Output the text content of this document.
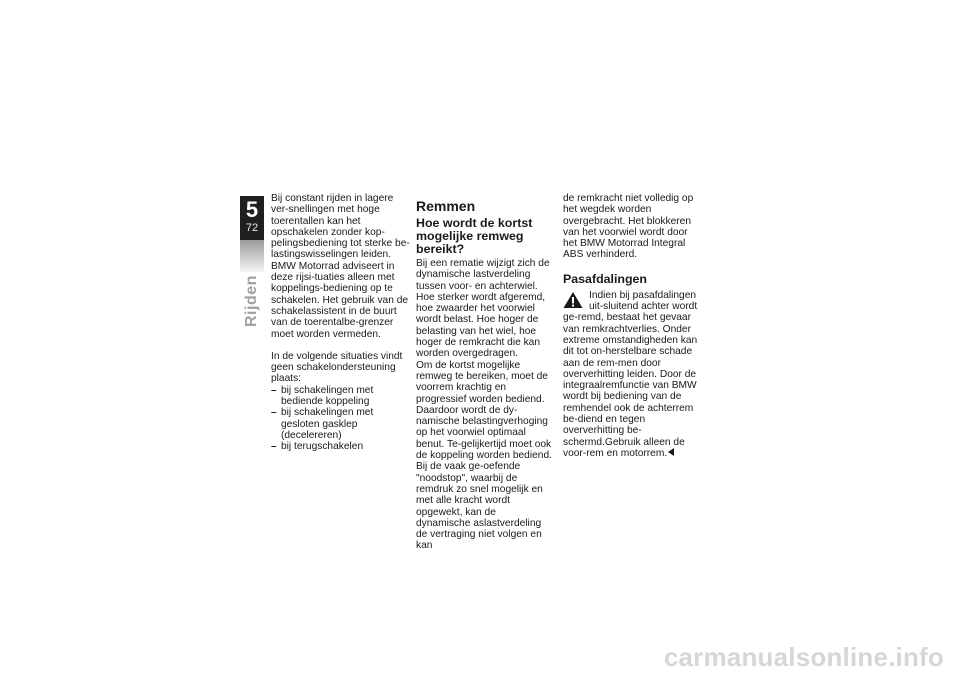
5
72
Rijden

Bij constant rijden in lagere ver-snellingen met hoge toerentallen kan het opschakelen zonder kop-pelingsbediening tot sterke be-lastingswisselingen leiden. BMW Motorrad adviseert in deze rijsi-tuaties alleen met koppelings-bediening op te schakelen. Het gebruik van de schakelassistent in de buurt van de toerentalbe-grenzer moet worden vermeden.

In de volgende situaties vindt geen schakelondersteuning plaats:

– bij schakelingen met bediende koppeling
– bij schakelingen met gesloten gasklep (decelereren)
– bij terugschakelen

Remmen

Hoe wordt de kortst mogelijke remweg bereikt?

Bij een rematie wijzigt zich de dynamische lastverdeling tussen voor- en achterwiel. Hoe sterker wordt afgeremd, hoe zwaarder het voorwiel wordt belast. Hoe hoger de belasting van het wiel, hoe hoger de remkracht die kan worden overgedragen.

Om de kortst mogelijke remweg te bereiken, moet de voorrem krachtig en progressief worden bediend. Daardoor wordt de dy-namische belastingverhoging op het voorwiel optimaal benut. Te-gelijkertijd moet ook de koppeling worden bediend. Bij de vaak ge-oefende "noodstop", waarbij de remdruk zo snel mogelijk en met alle kracht wordt opgewekt, kan de dynamische aslastverdeling de vertraging niet volgen en kan

de remkracht niet volledig op het wegdek worden overgebracht. Het blokkeren van het voorwiel wordt door het BMW Motorrad Integral ABS verhinderd.

Pasafdalingen

Indien bij pasafdalingen uit-sluitend achter wordt ge-remd, bestaat het gevaar van remkrachtverlies. Onder extreme omstandigheden kan dit tot on-herstelbare schade aan de rem-men door oververhitting leiden. Door de integraalremfunctie van BMW wordt bij bediening van de remhendel ook de achterrem be-diend en tegen oververhitting be-schermd.Gebruik alleen de voor-rem en motorrem.

carmanualsonline.info
